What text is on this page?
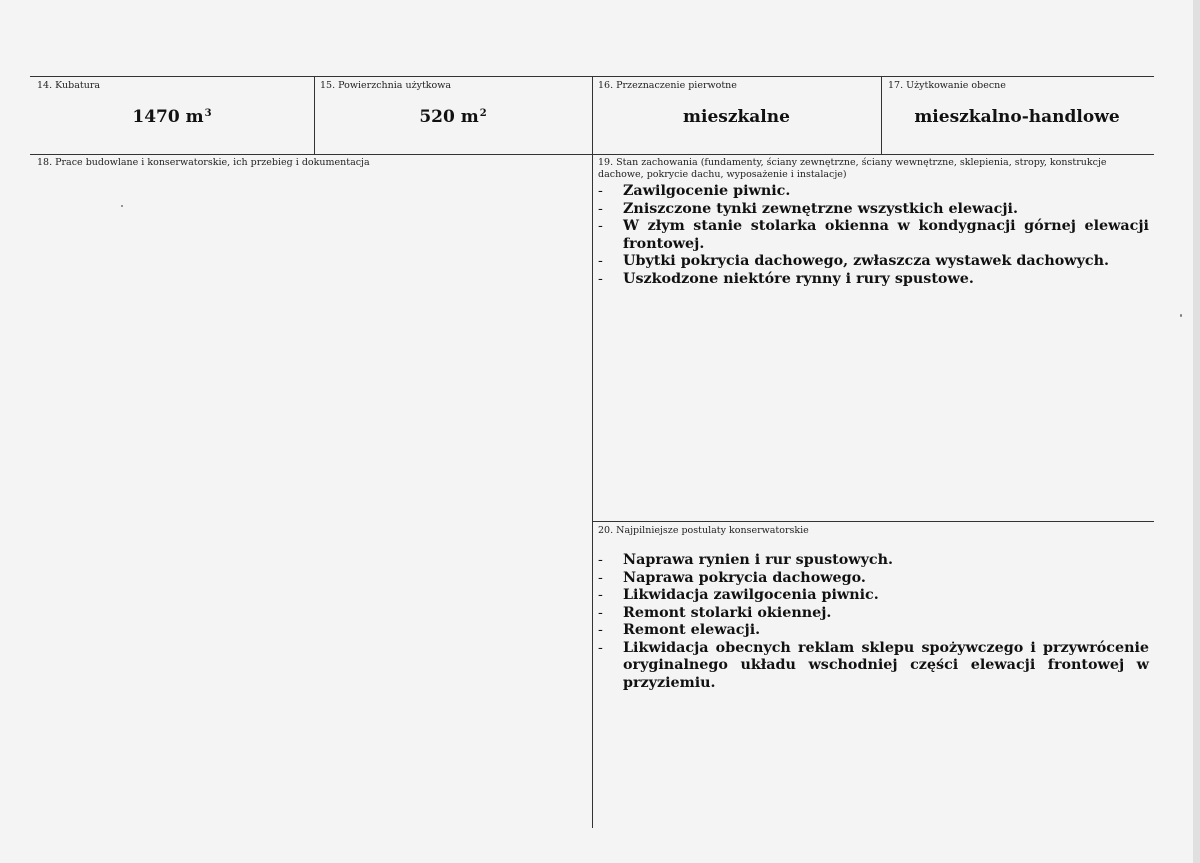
14. Kubatura
1470 $m^3$
15. Powierzchnia użytkowa
520 $m^2$
16. Przeznaczenie pierwotne
mieszkalne
17. Użytkowanie obecne
mieszkalno-handlowe
18. Prace budowlane i konserwatorskie, ich przebieg i dokumentacja	19. Stan zachowania (fundamenty, ściany zewnętrzne, ściany wewnętrzne, sklepienia, stropy, konstrukcje dachowe, pokrycie dachu, wyposażenie i instalacje)
- Zawilgocenie piwnic.
- Zniszczone tynki zewnętrzne wszystkich elewacji.
- W złym stanie stolarka okienna w kondygnacji górnej elewacji frontowej.
- Ubytki pokrycia dachowego, zwłaszcza wystawek dachowych.
- Uszkodzone niektóre rynny i rury spustowe.
20. Najpilniejsze postulaty konserwatorskie
- Naprawa rynien i rur spustowych.
- Naprawa pokrycia dachowego.
- Likwidacja zawilgocenia piwnic.
- Remont stolarki okiennej.
- Remont elewacji.
- Likwidacja obecnych reklam sklepu spożywczego i przywrócenie oryginalnego układu wschodniej części elewacji frontowej w przyziemiu.
